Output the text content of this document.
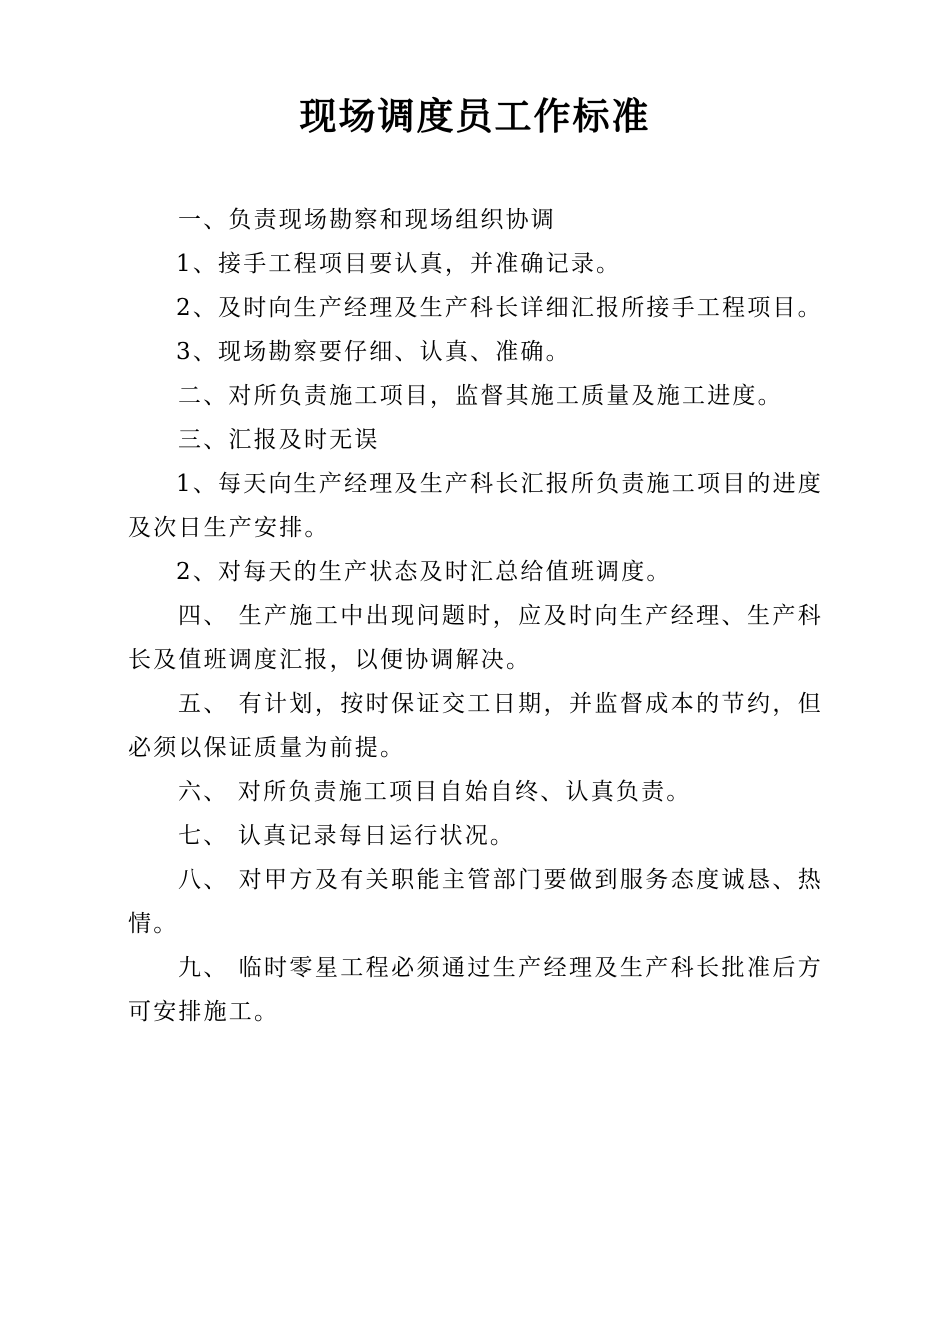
现场调度员工作标准

一、负责现场勘察和现场组织协调

1、接手工程项目要认真，并准确记录。

2、及时向生产经理及生产科长详细汇报所接手工程项目。

3、现场勘察要仔细、认真、准确。

二、对所负责施工项目，监督其施工质量及施工进度。

三、汇报及时无误

1、每天向生产经理及生产科长汇报所负责施工项目的进度及次日生产安排。

2、对每天的生产状态及时汇总给值班调度。

四、 生产施工中出现问题时，应及时向生产经理、生产科长及值班调度汇报，以便协调解决。

五、 有计划，按时保证交工日期，并监督成本的节约，但必须以保证质量为前提。

六、 对所负责施工项目自始自终、认真负责。

七、 认真记录每日运行状况。

八、 对甲方及有关职能主管部门要做到服务态度诚恳、热情。

九、 临时零星工程必须通过生产经理及生产科长批准后方可安排施工。
